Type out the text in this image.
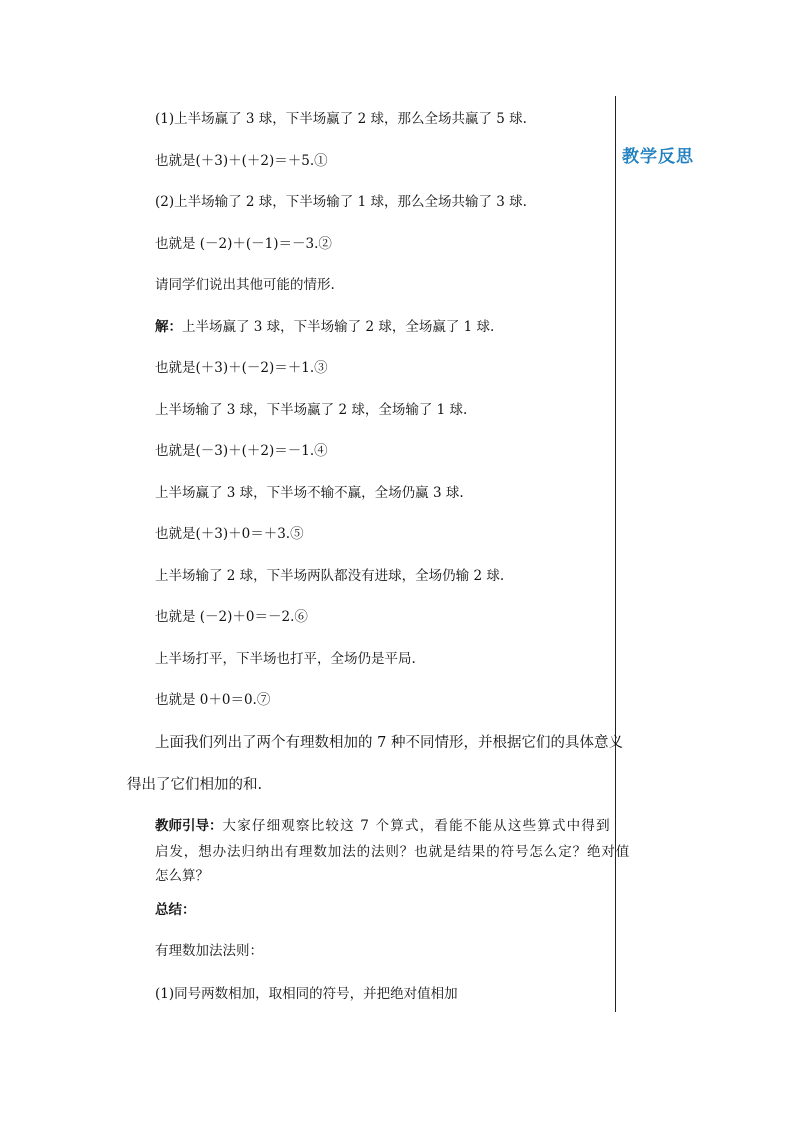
教学反思
(1)上半场赢了 3 球，下半场赢了 2 球，那么全场共赢了 5 球.
也就是(＋3)＋(＋2)＝＋5.①
(2)上半场输了 2 球，下半场输了 1 球，那么全场共输了 3 球.
也就是 (－2)＋(－1)＝－3.②
请同学们说出其他可能的情形.
解：上半场赢了 3 球，下半场输了 2 球，全场赢了 1 球.
也就是(＋3)＋(－2)＝＋1.③
上半场输了 3 球，下半场赢了 2 球，全场输了 1 球.
也就是(－3)＋(＋2)＝－1.④
上半场赢了 3 球，下半场不输不赢，全场仍赢 3 球.
也就是(＋3)＋0＝＋3.⑤
上半场输了 2 球，下半场两队都没有进球，全场仍输 2 球.
也就是 (－2)＋0＝－2.⑥
上半场打平，下半场也打平，全场仍是平局.
也就是 0＋0＝0.⑦
上面我们列出了两个有理数相加的 7 种不同情形，并根据它们的具体意义
得出了它们相加的和.
教师引导：大家仔细观察比较这 7 个算式，看能不能从这些算式中得到
启发，想办法归纳出有理数加法的法则？也就是结果的符号怎么定？绝对值
怎么算？
总结：
有理数加法法则：
(1)同号两数相加，取相同的符号，并把绝对值相加
